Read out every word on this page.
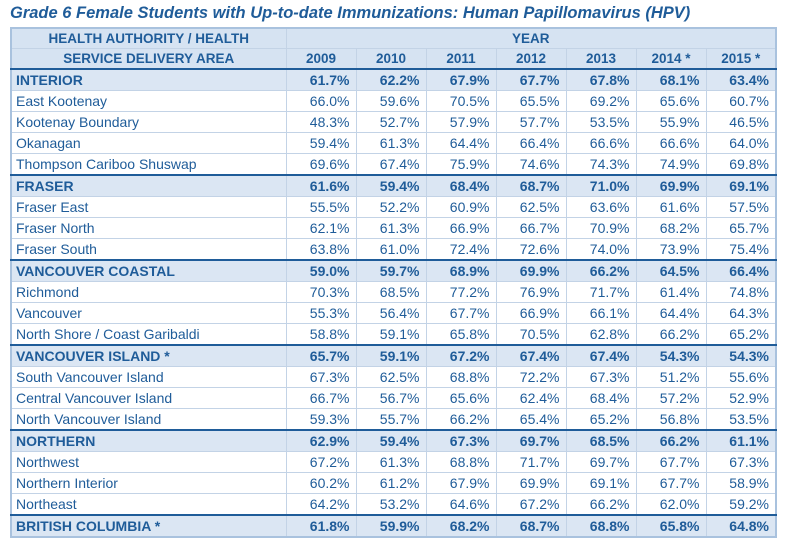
Grade 6 Female Students with Up-to-date Immunizations: Human Papillomavirus (HPV)
HEALTH AUTHORITY / HEALTH	YEAR						
SERVICE DELIVERY AREA	2009	2010	2011	2012	2013	2014 *	2015 *
INTERIOR	61.7%	62.2%	67.9%	67.7%	67.8%	68.1%	63.4%
East Kootenay	66.0%	59.6%	70.5%	65.5%	69.2%	65.6%	60.7%
Kootenay Boundary	48.3%	52.7%	57.9%	57.7%	53.5%	55.9%	46.5%
Okanagan	59.4%	61.3%	64.4%	66.4%	66.6%	66.6%	64.0%
Thompson Cariboo Shuswap	69.6%	67.4%	75.9%	74.6%	74.3%	74.9%	69.8%
FRASER	61.6%	59.4%	68.4%	68.7%	71.0%	69.9%	69.1%
Fraser East	55.5%	52.2%	60.9%	62.5%	63.6%	61.6%	57.5%
Fraser North	62.1%	61.3%	66.9%	66.7%	70.9%	68.2%	65.7%
Fraser South	63.8%	61.0%	72.4%	72.6%	74.0%	73.9%	75.4%
VANCOUVER COASTAL	59.0%	59.7%	68.9%	69.9%	66.2%	64.5%	66.4%
Richmond	70.3%	68.5%	77.2%	76.9%	71.7%	61.4%	74.8%
Vancouver	55.3%	56.4%	67.7%	66.9%	66.1%	64.4%	64.3%
North Shore / Coast Garibaldi	58.8%	59.1%	65.8%	70.5%	62.8%	66.2%	65.2%
VANCOUVER ISLAND *	65.7%	59.1%	67.2%	67.4%	67.4%	54.3%	54.3%
South Vancouver Island	67.3%	62.5%	68.8%	72.2%	67.3%	51.2%	55.6%
Central Vancouver Island	66.7%	56.7%	65.6%	62.4%	68.4%	57.2%	52.9%
North Vancouver Island	59.3%	55.7%	66.2%	65.4%	65.2%	56.8%	53.5%
NORTHERN	62.9%	59.4%	67.3%	69.7%	68.5%	66.2%	61.1%
Northwest	67.2%	61.3%	68.8%	71.7%	69.7%	67.7%	67.3%
Northern Interior	60.2%	61.2%	67.9%	69.9%	69.1%	67.7%	58.9%
Northeast	64.2%	53.2%	64.6%	67.2%	66.2%	62.0%	59.2%
BRITISH COLUMBIA *	61.8%	59.9%	68.2%	68.7%	68.8%	65.8%	64.8%
